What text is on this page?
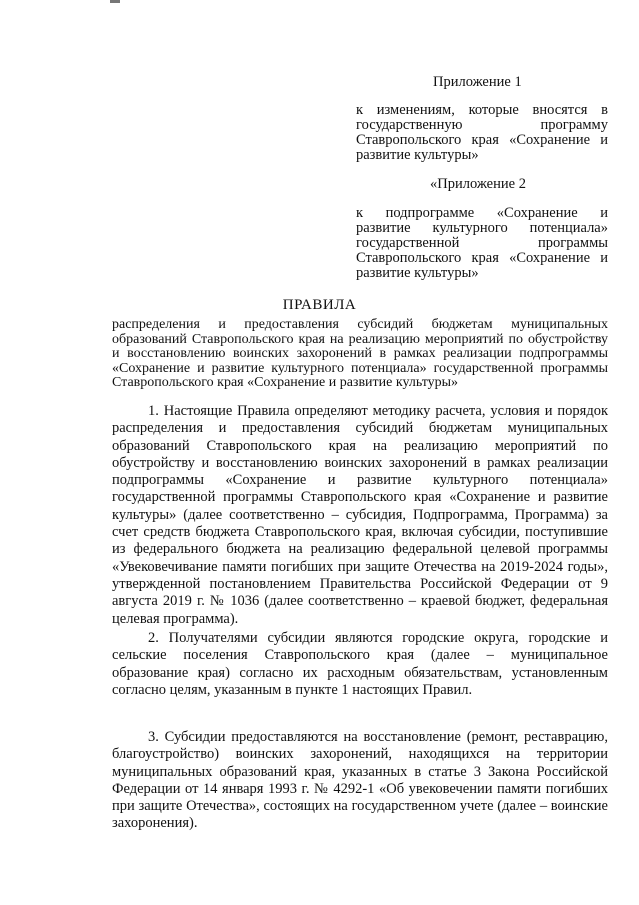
Приложение 1
к изменениям, которые вносятся в государственную программу Ставропольского края «Сохранение и развитие культуры»
«Приложение 2
к подпрограмме «Сохранение и развитие культурного потенциала» государственной программы Ставропольского края «Сохранение и развитие культуры»
ПРАВИЛА
распределения и предоставления субсидий бюджетам муниципальных образований Ставропольского края на реализацию мероприятий по обустройству и восстановлению воинских захоронений в рамках реализации подпрограммы «Сохранение и развитие культурного потенциала» государственной программы Ставропольского края «Сохранение и развитие культуры»
1. Настоящие Правила определяют методику расчета, условия и порядок распределения и предоставления субсидий бюджетам муниципальных образований Ставропольского края на реализацию мероприятий по обустройству и восстановлению воинских захоронений в рамках реализации подпрограммы «Сохранение и развитие культурного потенциала» государственной программы Ставропольского края «Сохранение и развитие культуры» (далее соответственно – субсидия, Подпрограмма, Программа) за счет средств бюджета Ставропольского края, включая субсидии, поступившие из федерального бюджета на реализацию федеральной целевой программы «Увековечивание памяти погибших при защите Отечества на 2019-2024 годы», утвержденной постановлением Правительства Российской Федерации от 9 августа 2019 г. № 1036 (далее соответственно – краевой бюджет, федеральная целевая программа).
2. Получателями субсидии являются городские округа, городские и сельские поселения Ставропольского края (далее – муниципальное образование края) согласно их расходным обязательствам, установленным согласно целям, указанным в пункте 1 настоящих Правил.
3. Субсидии предоставляются на восстановление (ремонт, реставрацию, благоустройство) воинских захоронений, находящихся на территории муниципальных образований края, указанных в статье 3 Закона Российской Федерации от 14 января 1993 г. № 4292-1 «Об увековечении памяти погибших при защите Отечества», состоящих на государственном учете (далее – воинские захоронения).
